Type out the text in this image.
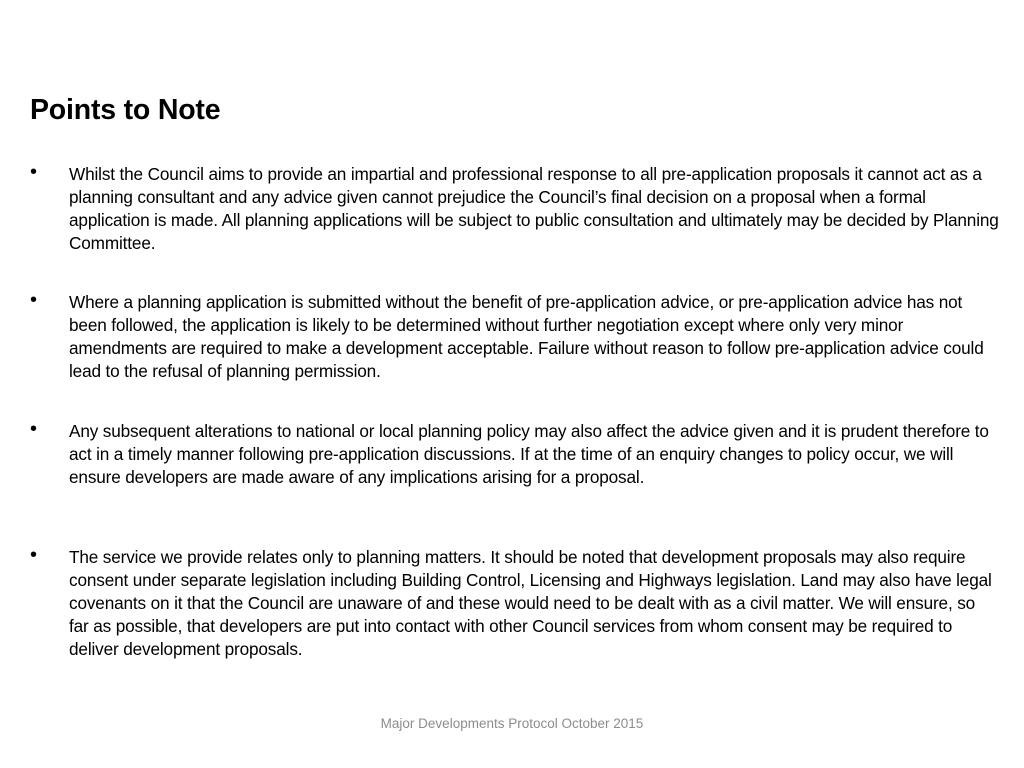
Points to Note
• Whilst the Council aims to provide an impartial and professional response to all pre-application proposals it cannot act as a planning consultant and any advice given cannot prejudice the Council’s final decision on a proposal when a formal application is made. All planning applications will be subject to public consultation and ultimately may be decided by Planning Committee.
• Where a planning application is submitted without the benefit of pre-application advice, or pre-application advice has not been followed, the application is likely to be determined without further negotiation except where only very minor amendments are required to make a development acceptable. Failure without reason to follow pre-application advice could lead to the refusal of planning permission.
• Any subsequent alterations to national or local planning policy may also affect the advice given and it is prudent therefore to act in a timely manner following pre-application discussions. If at the time of an enquiry changes to policy occur, we will ensure developers are made aware of any implications arising for a proposal.
• The service we provide relates only to planning matters. It should be noted that development proposals may also require consent under separate legislation including Building Control, Licensing and Highways legislation. Land may also have legal covenants on it that the Council are unaware of and these would need to be dealt with as a civil matter. We will ensure, so far as possible, that developers are put into contact with other Council services from whom consent may be required to deliver development proposals.
Major Developments Protocol October 2015
